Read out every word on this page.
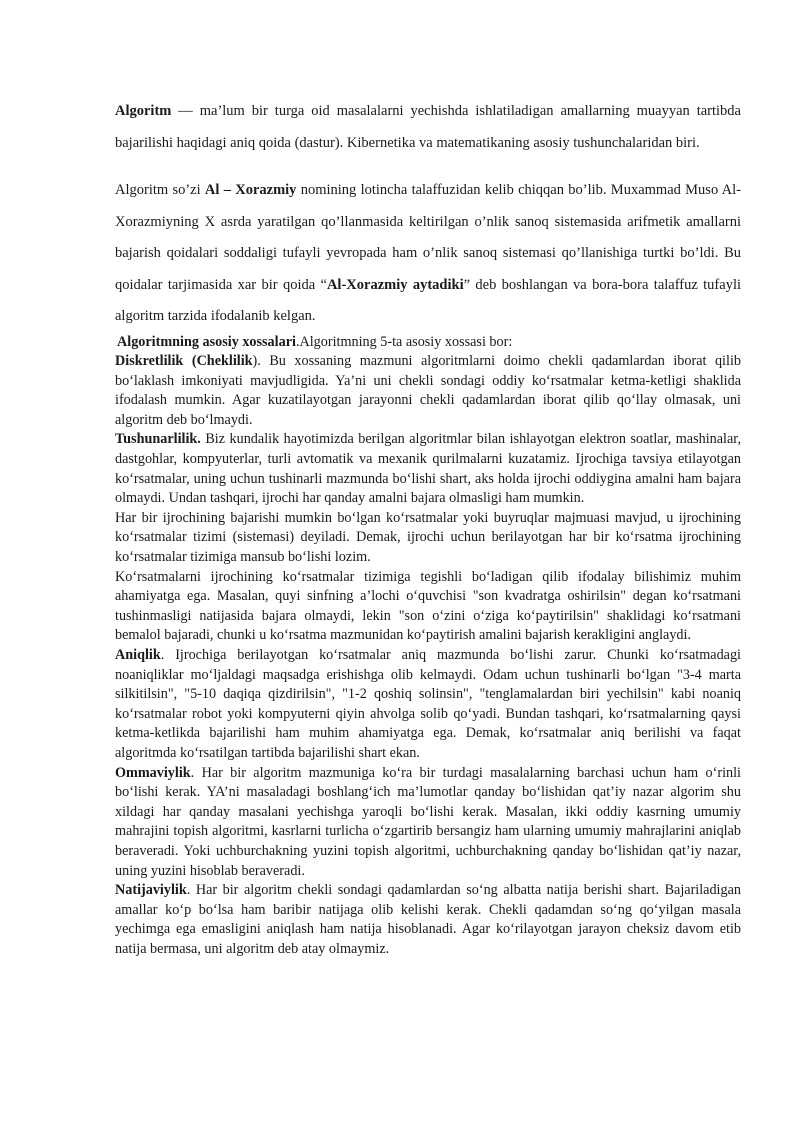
Algoritm — ma’lum bir turga oid masalalarni yechishda ishlatiladigan amallarning muayyan tartibda bajarilishi haqidagi aniq qoida (dastur). Kibernetika va matematikaning asosiy tushunchalaridan biri.

Algoritm so’zi Al – Xorazmiy nomining lotincha talaffuzidan kelib chiqqan bo’lib. Muxammad Muso Al-Xorazmiyning X asrda yaratilgan qo’llanmasida keltirilgan o’nlik sanoq sistemasida arifmetik amallarni bajarish qoidalari soddaligi tufayli yevropada ham o’nlik sanoq sistemasi qo’llanishiga turtki bo’ldi. Bu qoidalar tarjimasida xar bir qoida “Al-Xorazmiy aytadiki” deb boshlangan va bora-bora talaffuz tufayli algoritm tarzida ifodalanib kelgan.

Algoritmning asosiy xossalari.Algoritmning 5-ta asosiy xossasi bor:

Diskretlilik (Cheklilik). Bu xossaning mazmuni algoritmlarni doimo chekli qadamlardan iborat qilib bo‘laklash imkoniyati mavjudligida. Ya’ni uni chekli sondagi oddiy ko‘rsatmalar ketma-ketligi shaklida ifodalash mumkin. Agar kuzatilayotgan jarayonni chekli qadamlardan iborat qilib qo‘llay olmasak, uni algoritm deb bo‘lmaydi.

Tushunarlilik. Biz kundalik hayotimizda berilgan algoritmlar bilan ishlayotgan elektron soatlar, mashinalar, dastgohlar, kompyuterlar, turli avtomatik va mexanik qurilmalarni kuzatamiz. Ijrochiga tavsiya etilayotgan ko‘rsatmalar, uning uchun tushinarli mazmunda bo‘lishi shart, aks holda ijrochi oddiygina amalni ham bajara olmaydi. Undan tashqari, ijrochi har qanday amalni bajara olmasligi ham mumkin.

Har bir ijrochining bajarishi mumkin bo‘lgan ko‘rsatmalar yoki buyruqlar majmuasi mavjud, u ijrochining ko‘rsatmalar tizimi (sistemasi) deyiladi. Demak, ijrochi uchun berilayotgan har bir ko‘rsatma ijrochining ko‘rsatmalar tizimiga mansub bo‘lishi lozim.

Ko‘rsatmalarni ijrochining ko‘rsatmalar tizimiga tegishli bo‘ladigan qilib ifodalay bilishimiz muhim ahamiyatga ega. Masalan, quyi sinfning a’lochi o‘quvchisi "son kvadratga oshirilsin" degan ko‘rsatmani tushinmasligi natijasida bajara olmaydi, lekin "son o‘zini o‘ziga ko‘paytirilsin" shaklidagi ko‘rsatmani bemalol bajaradi, chunki u ko‘rsatma mazmunidan ko‘paytirish amalini bajarish kerakligini anglaydi.

Aniqlik. Ijrochiga berilayotgan ko‘rsatmalar aniq mazmunda bo‘lishi zarur. Chunki ko‘rsatmadagi noaniqliklar mo‘ljaldagi maqsadga erishishga olib kelmaydi. Odam uchun tushinarli bo‘lgan "3-4 marta silkitilsin", "5-10 daqiqa qizdirilsin", "1-2 qoshiq solinsin", "tenglamalardan biri yechilsin" kabi noaniq ko‘rsatmalar robot yoki kompyuterni qiyin ahvolga solib qo‘yadi. Bundan tashqari, ko‘rsatmalarning qaysi ketma-ketlikda bajarilishi ham muhim ahamiyatga ega. Demak, ko‘rsatmalar aniq berilishi va faqat algoritmda ko‘rsatilgan tartibda bajarilishi shart ekan.

Ommaviylik. Har bir algoritm mazmuniga ko‘ra bir turdagi masalalarning barchasi uchun ham o‘rinli bo‘lishi kerak. YA’ni masaladagi boshlang‘ich ma’lumotlar qanday bo‘lishidan qat’iy nazar algorim shu xildagi har qanday masalani yechishga yaroqli bo‘lishi kerak. Masalan, ikki oddiy kasrning umumiy mahrajini topish algoritmi, kasrlarni turlicha o‘zgartirib bersangiz ham ularning umumiy mahrajlarini aniqlab beraveradi. Yoki uchburchakning yuzini topish algoritmi, uchburchakning qanday bo‘lishidan qat’iy nazar, uning yuzini hisoblab beraveradi.

Natijaviylik. Har bir algoritm chekli sondagi qadamlardan so‘ng albatta natija berishi shart. Bajariladigan amallar ko‘p bo‘lsa ham baribir natijaga olib kelishi kerak. Chekli qadamdan so‘ng qo‘yilgan masala yechimga ega emasligini aniqlash ham natija hisoblanadi. Agar ko‘rilayotgan jarayon cheksiz davom etib natija bermasa, uni algoritm deb atay olmaymiz.
